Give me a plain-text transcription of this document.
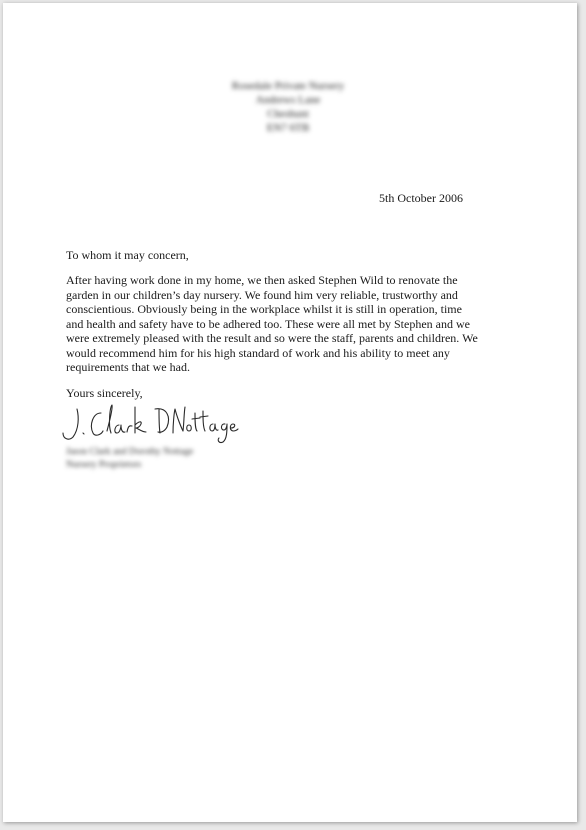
Rosedale Private Nursery
Andrews Lane
Cheshunt
EN7 6TB
5th October 2006
To whom it may concern,
After having work done in my home, we then asked Stephen Wild to renovate the
garden in our children’s day nursery. We found him very reliable, trustworthy and
conscientious. Obviously being in the workplace whilst it is still in operation, time
and health and safety have to be adhered too. These were all met by Stephen and we
were extremely pleased with the result and so were the staff, parents and children. We
would recommend him for his high standard of work and his ability to meet any
requirements that we had.
Yours sincerely,
Jason Clark and Dorothy Nottage
Nursery Proprietors
